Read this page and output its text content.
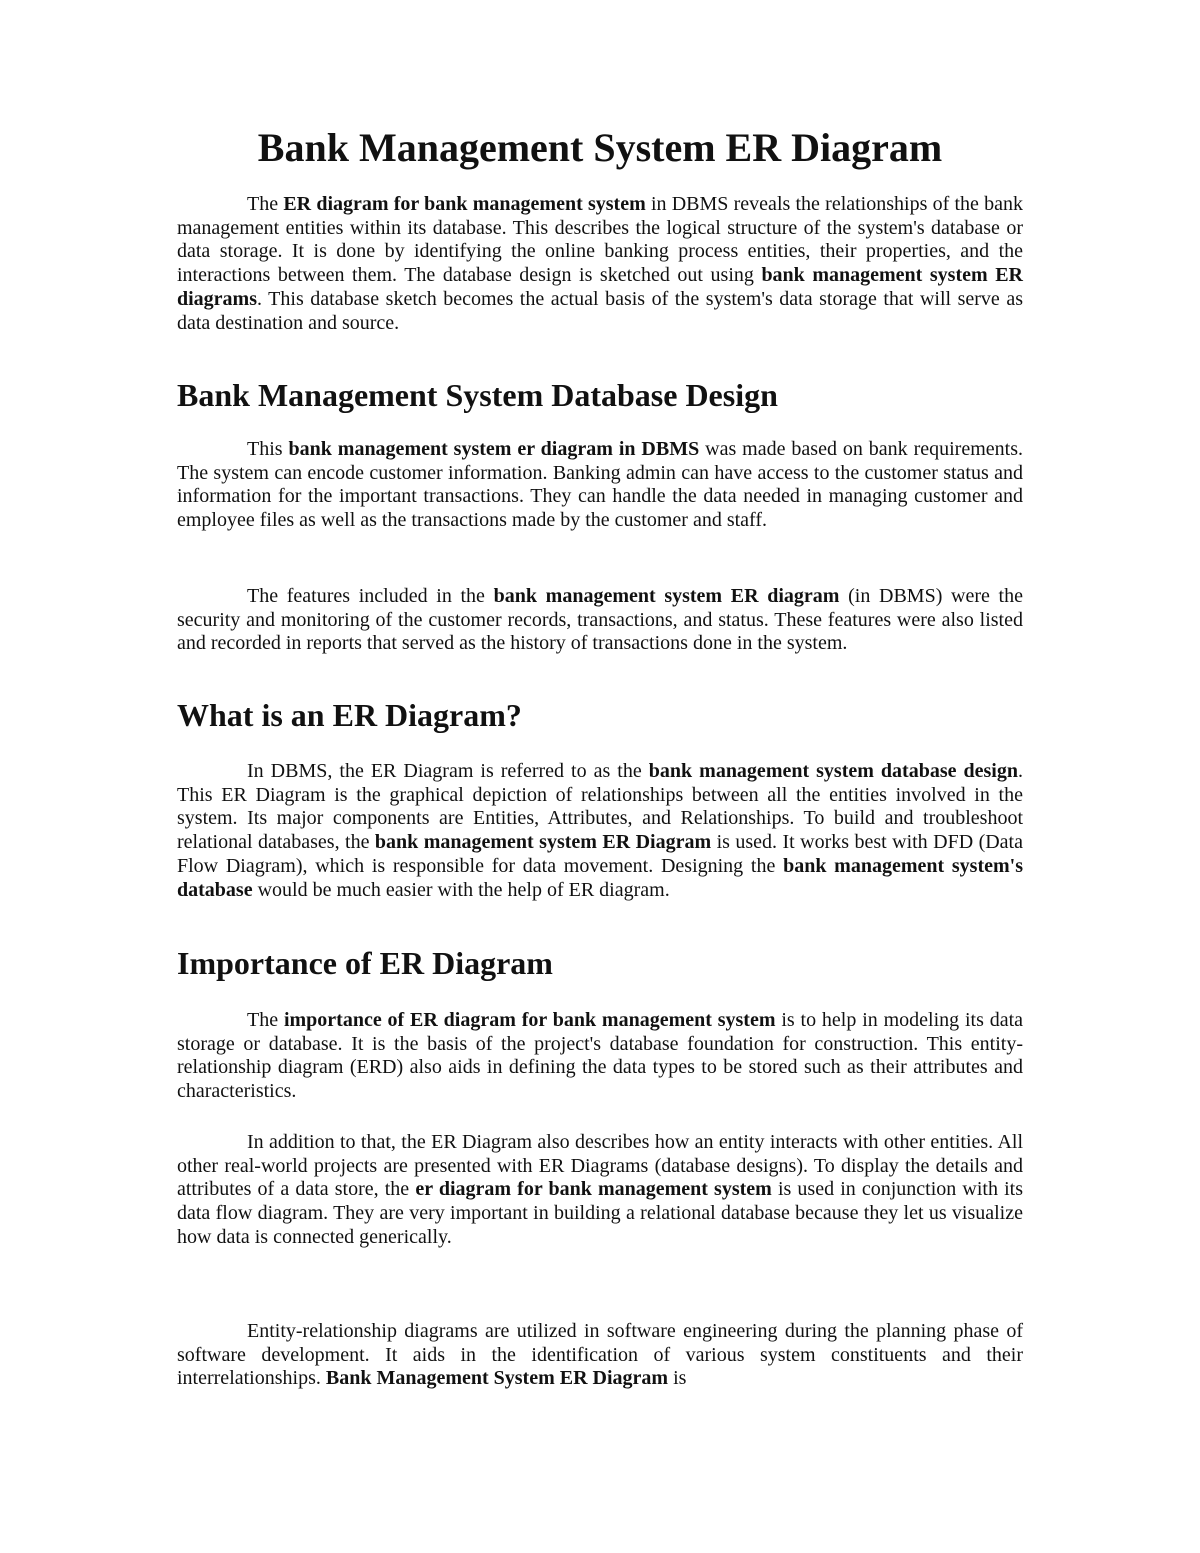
Bank Management System ER Diagram

The ER diagram for bank management system in DBMS reveals the relationships of the bank management entities within its database. This describes the logical structure of the system's database or data storage. It is done by identifying the online banking process entities, their properties, and the interactions between them. The database design is sketched out using bank management system ER diagrams. This database sketch becomes the actual basis of the system's data storage that will serve as data destination and source.

Bank Management System Database Design

This bank management system er diagram in DBMS was made based on bank requirements. The system can encode customer information. Banking admin can have access to the customer status and information for the important transactions. They can handle the data needed in managing customer and employee files as well as the transactions made by the customer and staff.

The features included in the bank management system ER diagram (in DBMS) were the security and monitoring of the customer records, transactions, and status. These features were also listed and recorded in reports that served as the history of transactions done in the system.

What is an ER Diagram?

In DBMS, the ER Diagram is referred to as the bank management system database design. This ER Diagram is the graphical depiction of relationships between all the entities involved in the system. Its major components are Entities, Attributes, and Relationships. To build and troubleshoot relational databases, the bank management system ER Diagram is used. It works best with DFD (Data Flow Diagram), which is responsible for data movement. Designing the bank management system's database would be much easier with the help of ER diagram.

Importance of ER Diagram

The importance of ER diagram for bank management system is to help in modeling its data storage or database. It is the basis of the project's database foundation for construction. This entity-relationship diagram (ERD) also aids in defining the data types to be stored such as their attributes and characteristics.

In addition to that, the ER Diagram also describes how an entity interacts with other entities. All other real-world projects are presented with ER Diagrams (database designs). To display the details and attributes of a data store, the er diagram for bank management system is used in conjunction with its data flow diagram. They are very important in building a relational database because they let us visualize how data is connected generically.

Entity-relationship diagrams are utilized in software engineering during the planning phase of software development. It aids in the identification of various system constituents and their interrelationships. Bank Management System ER Diagram is
